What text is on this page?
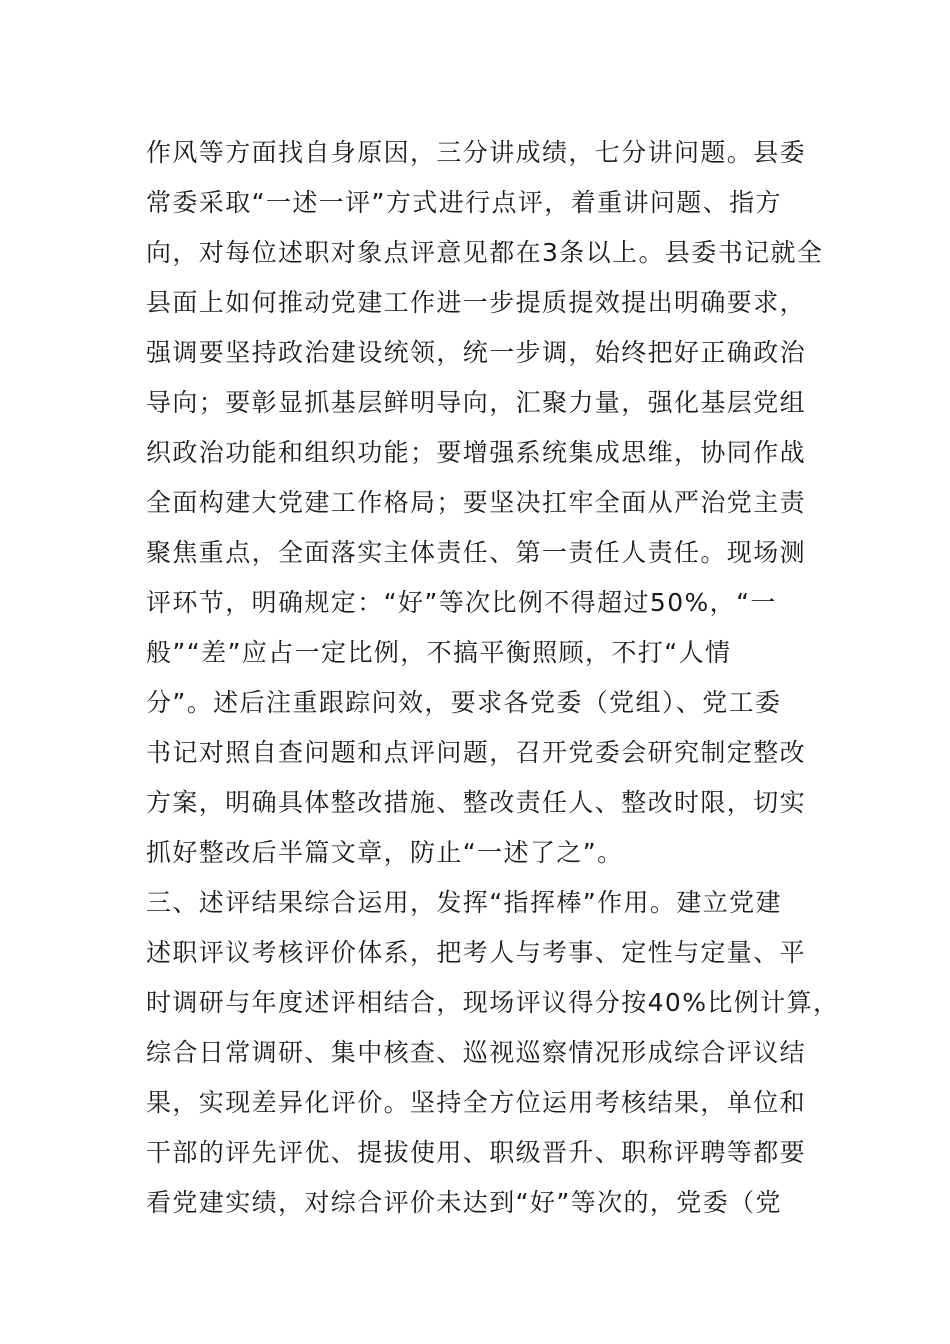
作风等方面找自身原因，三分讲成绩，七分讲问题。县委

常委采取“一述一评”方式进行点评，着重讲问题、指方

向，对每位述职对象点评意见都在3条以上。县委书记就全

县面上如何推动党建工作进一步提质提效提出明确要求，

强调要坚持政治建设统领，统一步调，始终把好正确政治

导向；要彰显抓基层鲜明导向，汇聚力量，强化基层党组

织政治功能和组织功能；要增强系统集成思维，协同作战

全面构建大党建工作格局；要坚决扛牢全面从严治党主责

聚焦重点，全面落实主体责任、第一责任人责任。现场测

评环节，明确规定：“好”等次比例不得超过50%，“一

般”“差”应占一定比例，不搞平衡照顾，不打“人情

分”。述后注重跟踪问效，要求各党委（党组）、党工委

书记对照自查问题和点评问题，召开党委会研究制定整改

方案，明确具体整改措施、整改责任人、整改时限，切实

抓好整改后半篇文章，防止“一述了之”。

三、述评结果综合运用，发挥“指挥棒”作用。建立党建

述职评议考核评价体系，把考人与考事、定性与定量、平

时调研与年度述评相结合，现场评议得分按40%比例计算，

综合日常调研、集中核查、巡视巡察情况形成综合评议结

果，实现差异化评价。坚持全方位运用考核结果，单位和

干部的评先评优、提拔使用、职级晋升、职称评聘等都要

看党建实绩，对综合评价未达到“好”等次的，党委（党
